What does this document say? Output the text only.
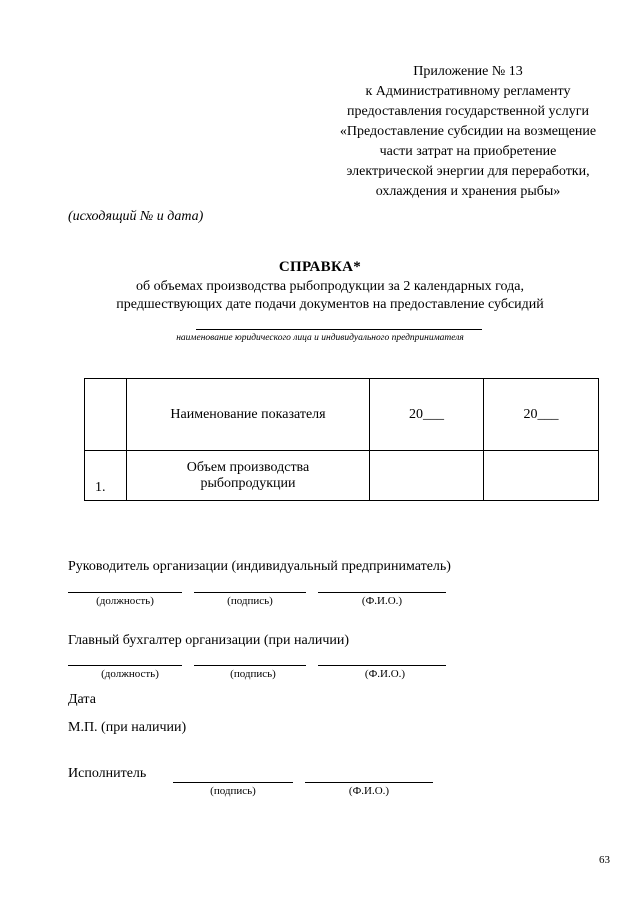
Приложение № 13
к Административному регламенту
предоставления государственной услуги
«Предоставление субсидии на возмещение
части затрат на приобретение
электрической энергии для переработки,
охлаждения и хранения рыбы»
(исходящий № и дата)
СПРАВКА*
об объемах производства рыбопродукции за 2 календарных года,
предшествующих дате подачи документов на предоставление субсидий
наименование юридического лица и индивидуального предпринимателя
	Наименование показателя	20___	20___
1.	Объем производства
рыбопродукции		

Руководитель организации (индивидуальный предприниматель)
(должность)	(подпись)	(Ф.И.О.)
Главный бухгалтер организации (при наличии)
(должность)	(подпись)	(Ф.И.О.)
Дата
М.П. (при наличии)
Исполнитель
(подпись)	(Ф.И.О.)
63
